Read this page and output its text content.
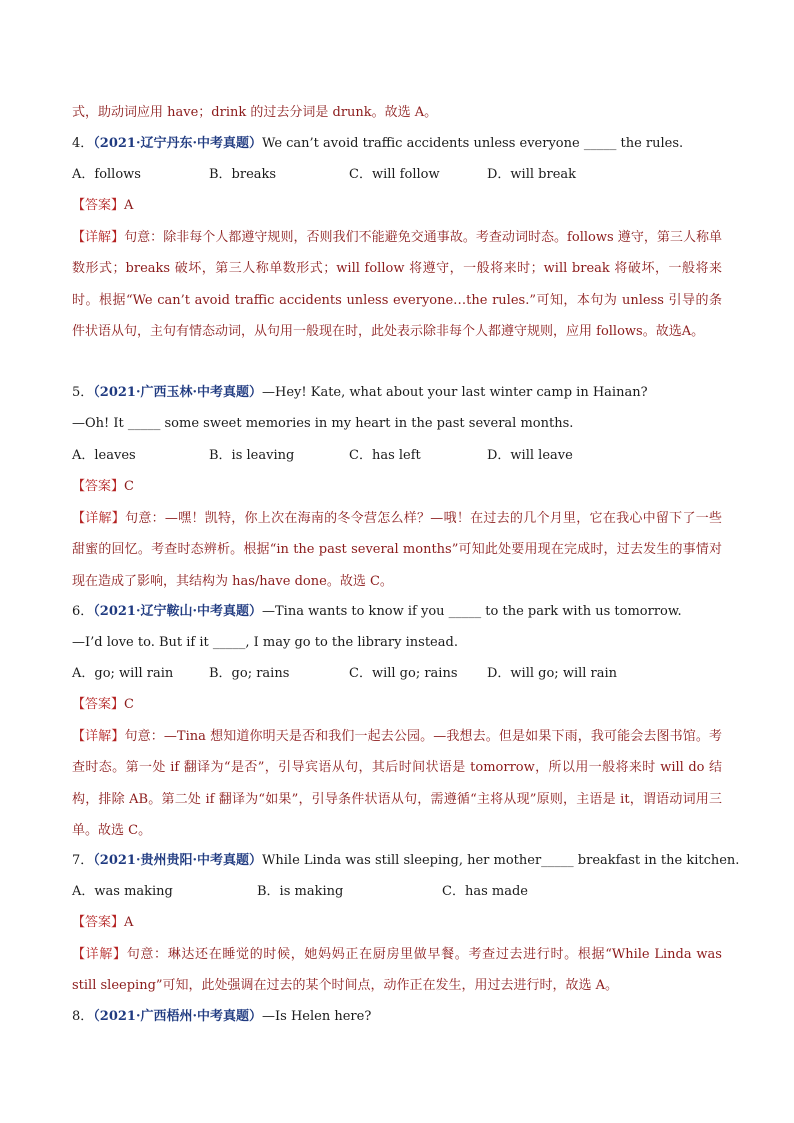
式，助动词应用 have；drink 的过去分词是 drunk。故选 A。
4．（2021·辽宁丹东·中考真题）We can’t avoid traffic accidents unless everyone _____ the rules.
A．follows	B．breaks	C．will follow	D．will break
【答案】A
【详解】句意：除非每个人都遵守规则，否则我们不能避免交通事故。考查动词时态。follows 遵守，第三人称单数形式；breaks 破坏，第三人称单数形式；will follow 将遵守，一般将来时；will break 将破坏，一般将来时。根据“We can’t avoid traffic accidents unless everyone…the rules.”可知，本句为 unless 引导的条件状语从句，主句有情态动词，从句用一般现在时，此处表示除非每个人都遵守规则，应用 follows。故选A。
5．（2021·广西玉林·中考真题）—Hey! Kate, what about your last winter camp in Hainan?
—Oh! It _____ some sweet memories in my heart in the past several months.
A．leaves	B．is leaving	C．has left	D．will leave
【答案】C
【详解】句意：—嘿！凯特，你上次在海南的冬令营怎么样？—哦！在过去的几个月里，它在我心中留下了一些甜蜜的回忆。考查时态辨析。根据“in the past several months”可知此处要用现在完成时，过去发生的事情对现在造成了影响，其结构为 has/have done。故选 C。
6．（2021·辽宁鞍山·中考真题）—Tina wants to know if you _____ to the park with us tomorrow.
—I’d love to. But if it _____, I may go to the library instead.
A．go; will rain	B．go; rains	C．will go; rains D．will go; will rain
【答案】C
【详解】句意：—Tina 想知道你明天是否和我们一起去公园。—我想去。但是如果下雨，我可能会去图书馆。考查时态。第一处 if 翻译为“是否”，引导宾语从句，其后时间状语是 tomorrow，所以用一般将来时 will do 结构，排除 AB。第二处 if 翻译为“如果”，引导条件状语从句，需遵循“主将从现”原则，主语是 it，谓语动词用三单。故选 C。
7．（2021·贵州贵阳·中考真题）While Linda was still sleeping, her mother_____ breakfast in the kitchen.
A．was making	B．is making	C．has made
【答案】A
【详解】句意：琳达还在睡觉的时候，她妈妈正在厨房里做早餐。考查过去进行时。根据“While Linda was still sleeping”可知，此处强调在过去的某个时间点，动作正在发生，用过去进行时，故选 A。
8．（2021·广西梧州·中考真题）—Is Helen here?
